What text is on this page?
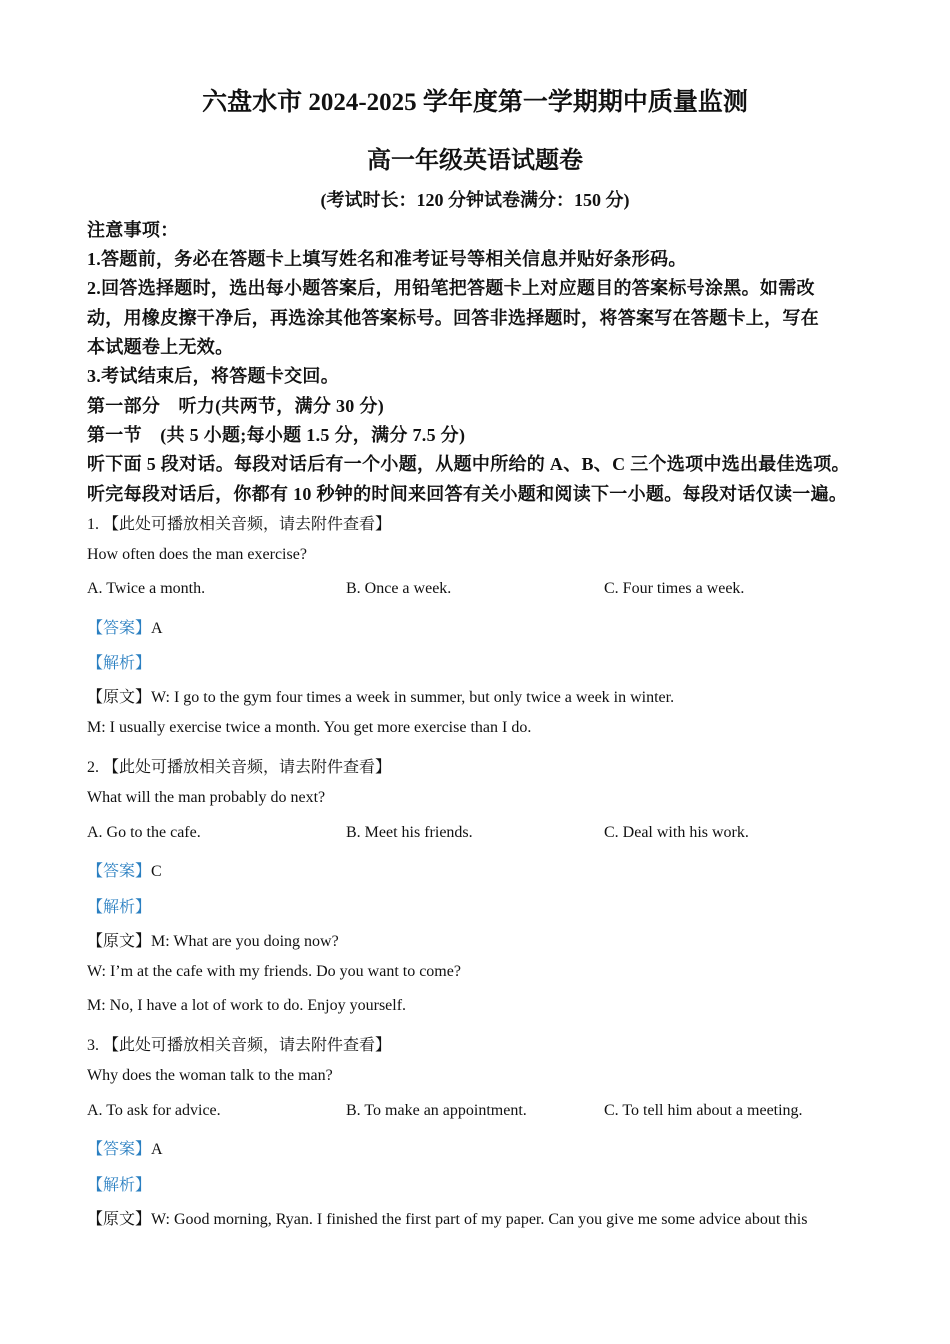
六盘水市 2024-2025 学年度第一学期期中质量监测
高一年级英语试题卷
(考试时长：120 分钟试卷满分：150 分)
注意事项：
1.答题前，务必在答题卡上填写姓名和准考证号等相关信息并贴好条形码。
2.回答选择题时，选出每小题答案后，用铅笔把答题卡上对应题目的答案标号涂黑。如需改
动，用橡皮擦干净后，再选涂其他答案标号。回答非选择题时，将答案写在答题卡上，写在
本试题卷上无效。
3.考试结束后，将答题卡交回。
第一部分　听力(共两节，满分 30 分)
第一节　(共 5 小题;每小题 1.5 分，满分 7.5 分)
听下面 5 段对话。每段对话后有一个小题，从题中所给的 A、B、C 三个选项中选出最佳选项。
听完每段对话后，你都有 10 秒钟的时间来回答有关小题和阅读下一小题。每段对话仅读一遍。
1. 【此处可播放相关音频，请去附件查看】
How often does the man exercise?
A. Twice a month.	B. Once a week.	C. Four times a week.
【答案】A
【解析】
【原文】W: I go to the gym four times a week in summer, but only twice a week in winter.
M: I usually exercise twice a month. You get more exercise than I do.
2. 【此处可播放相关音频，请去附件查看】
What will the man probably do next?
A. Go to the cafe.	B. Meet his friends.	C. Deal with his work.
【答案】C
【解析】
【原文】M: What are you doing now?
W: I’m at the cafe with my friends. Do you want to come?
M: No, I have a lot of work to do. Enjoy yourself.
3. 【此处可播放相关音频，请去附件查看】
Why does the woman talk to the man?
A. To ask for advice.	B. To make an appointment.	C. To tell him about a meeting.
【答案】A
【解析】
【原文】W: Good morning, Ryan. I finished the first part of my paper. Can you give me some advice about this
